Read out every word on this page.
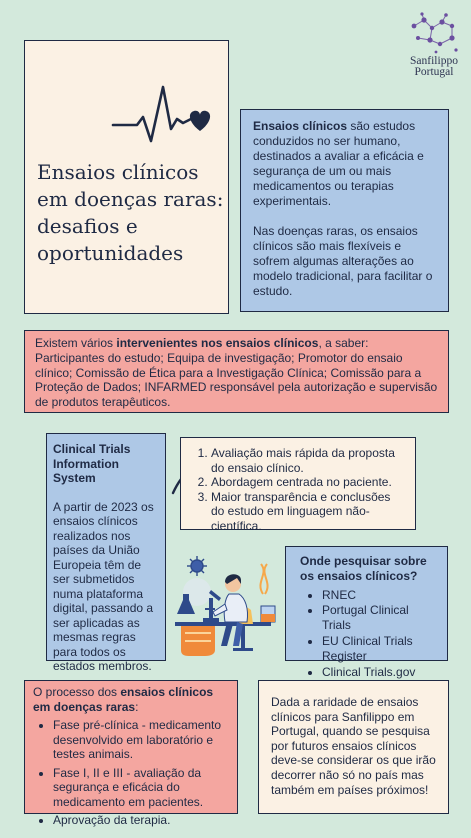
Sanfilippo
Portugal
Ensaios clínicos em doenças raras: desafios e oportunidades

Ensaios clínicos são estudos conduzidos no ser humano, destinados a avaliar a eficácia e segurança de um ou mais medicamentos ou terapias experimentais.

Nas doenças raras, os ensaios clínicos são mais flexíveis e sofrem algumas alterações ao modelo tradicional, para facilitar o estudo.

Existem vários intervenientes nos ensaios clínicos, a saber: Participantes do estudo; Equipa de investigação; Promotor do ensaio clínico; Comissão de Ética para a Investigação Clínica; Comissão para a Proteção de Dados; INFARMED responsável pela autorização e supervisão de produtos terapêuticos.

Clinical Trials Information System

A partir de 2023 os ensaios clínicos realizados nos países da União Europeia têm de ser submetidos numa plataforma digital, passando a ser aplicadas as mesmas regras para todos os estados membros.

1. Avaliação mais rápida da proposta do ensaio clínico.
2. Abordagem centrada no paciente.
3. Maior transparência e conclusões do estudo em linguagem não-científica.

Onde pesquisar sobre os ensaios clínicos?

• RNEC
• Portugal Clinical Trials
• EU Clinical Trials Register
• Clinical Trials.gov
O processo dos ensaios clínicos em doenças raras:
• Fase pré-clínica - medicamento desenvolvido em laboratório e testes animais.
• Fase I, II e III - avaliação da segurança e eficácia do medicamento em pacientes.
• Aprovação da terapia.

Dada a raridade de ensaios clínicos para Sanfilippo em Portugal, quando se pesquisa por futuros ensaios clínicos deve-se considerar os que irão decorrer não só no país mas também em países próximos!
